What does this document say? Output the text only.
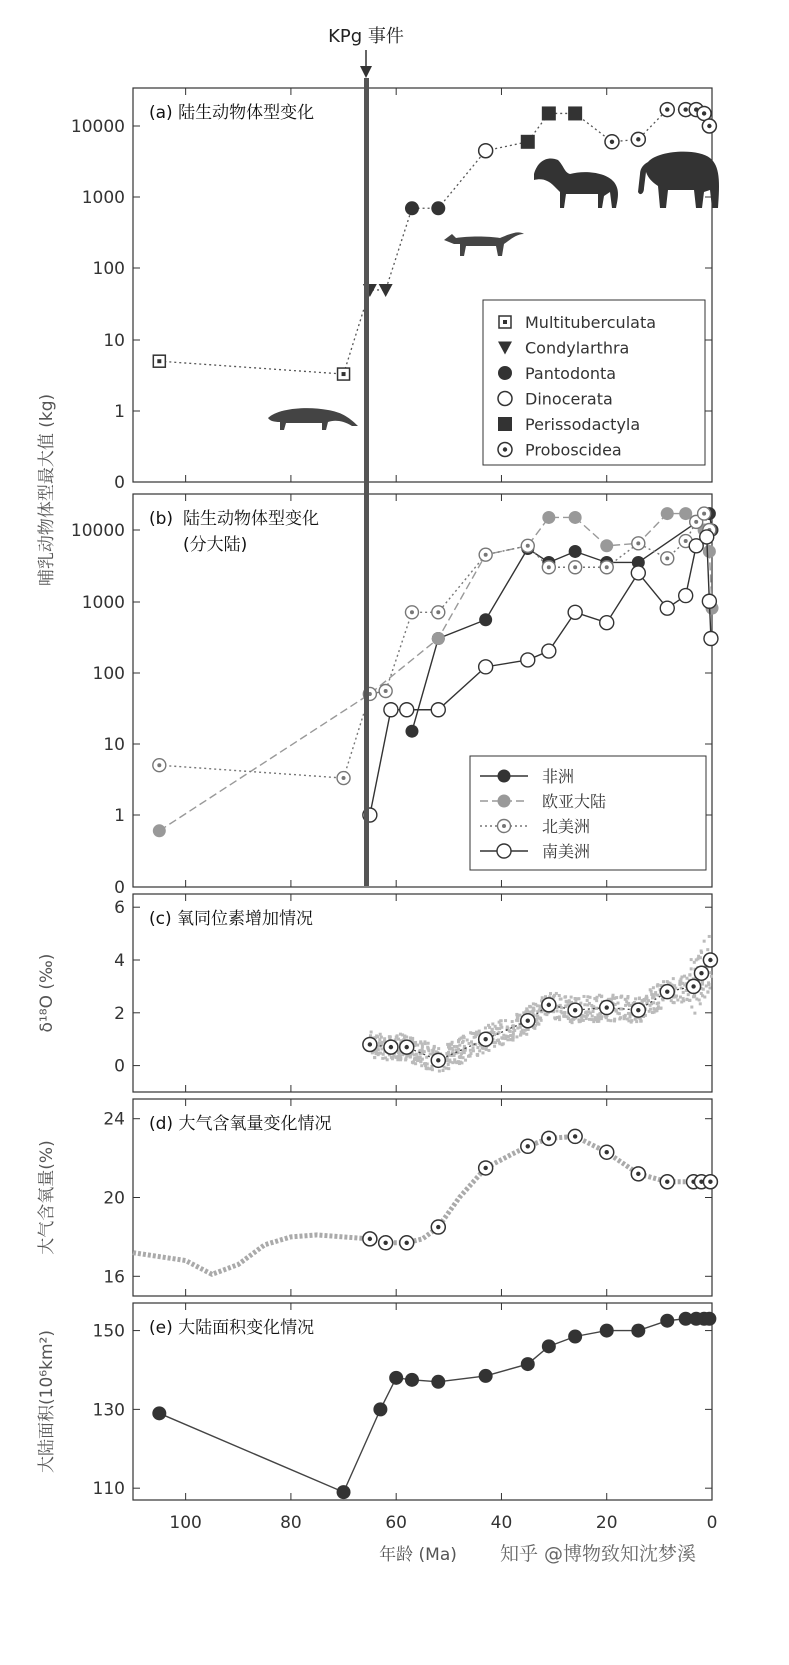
0
1
10
100
1000
10000
(a) 陆生动物体型变化
哺乳动物体型最大值 (kg)
Multituberculata
Condylarthra
Pantodonta
Dinocerata
Perissodactyla
Proboscidea
0
1
10
100
1000
10000
(b) 陆生动物体型变化
(分大陆)
非洲
欧亚大陆
北美洲
南美洲
0
2
4
6
(c) 氧同位素增加情况
δ¹⁸O (‰)
16
20
24 (d) 大气含氧量变化情况
大气含氧量(%)
110
130
150 (e) 大陆面积变化情况
大陆面积(10⁶km²)
KPg 事件
100	80	60	40	20	0
年龄 (Ma) 知乎 @博物致知沈梦溪
